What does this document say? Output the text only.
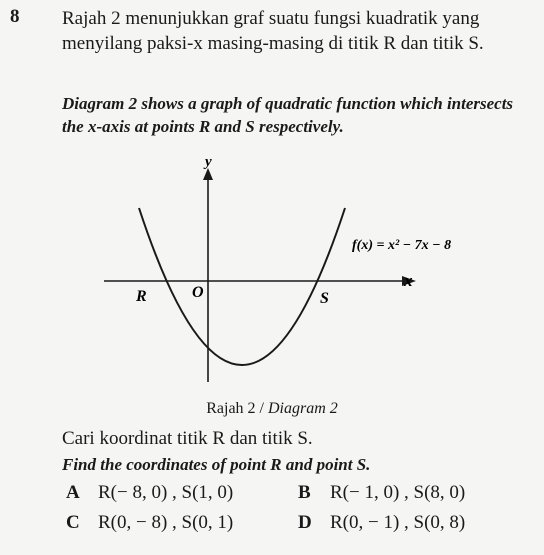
8 Rajah 2 menunjukkan graf suatu fungsi kuadratik yang menyilang paksi-x masing-masing di titik R dan titik S.
Diagram 2 shows a graph of quadratic function which intersects the x-axis at points R and S respectively.
y
x
R	O	S
f(x) = x² − 7x − 8
Rajah 2 / Diagram 2
Cari koordinat titik R dan titik S.
Find the coordinates of point R and point S.
A R(− 8, 0) , S(1, 0)	B R(− 1, 0) , S(8, 0)
C R(0, − 8) , S(0, 1)	D R(0, − 1) , S(0, 8)
